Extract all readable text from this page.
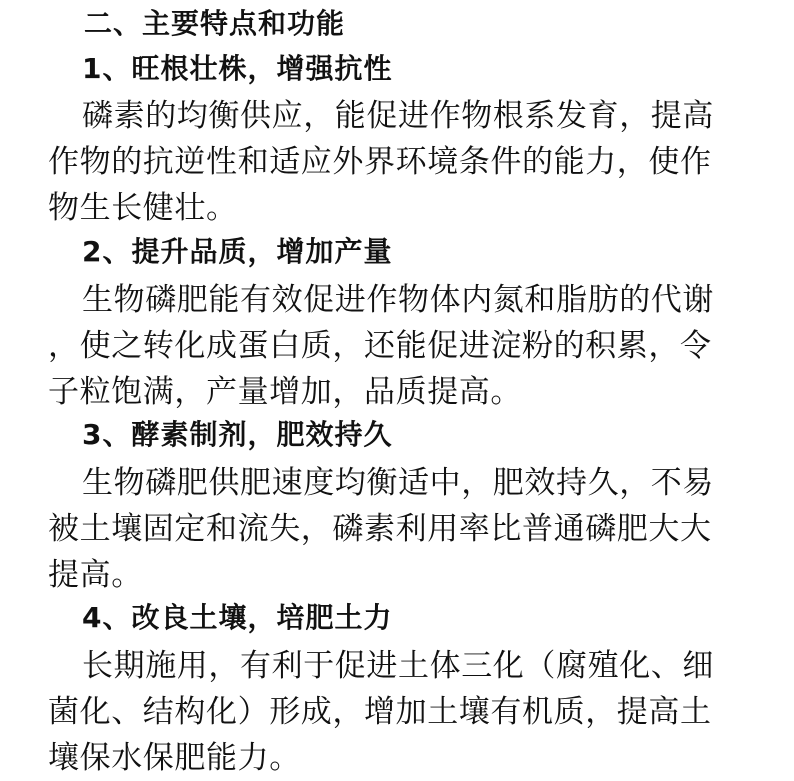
二、主要特点和功能
1、旺根壮株，增强抗性
磷素的均衡供应，能促进作物根系发育，提高
作物的抗逆性和适应外界环境条件的能力，使作
物生长健壮。
2、提升品质，增加产量
生物磷肥能有效促进作物体内氮和脂肪的代谢
，使之转化成蛋白质，还能促进淀粉的积累，令
子粒饱满，产量增加，品质提高。
3、酵素制剂，肥效持久
生物磷肥供肥速度均衡适中，肥效持久，不易
被土壤固定和流失，磷素利用率比普通磷肥大大
提高。
4、改良土壤，培肥土力
长期施用，有利于促进土体三化（腐殖化、细
菌化、结构化）形成，增加土壤有机质，提高土
壤保水保肥能力。
